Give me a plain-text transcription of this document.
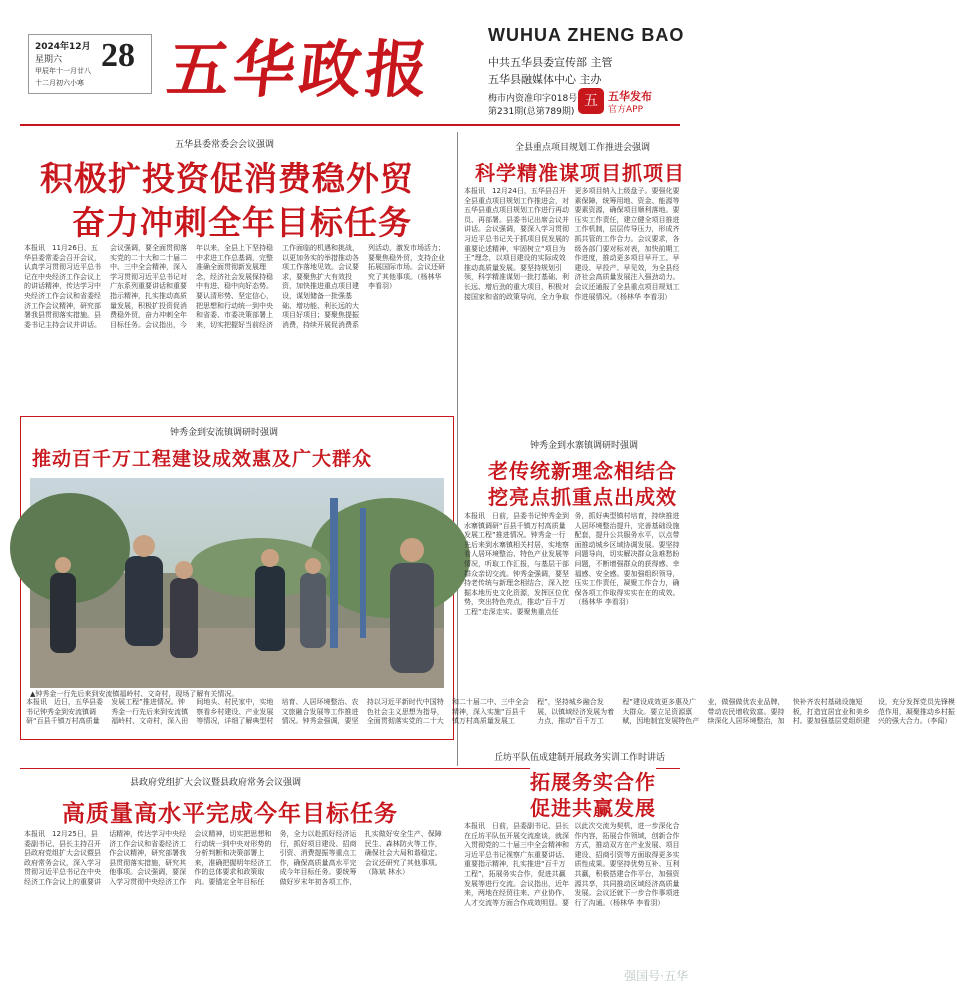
2024年12月
星期六
甲辰年十一月廿八
十二月初六小寒
28 五华政报	WUHUA ZHENG BAO
中共五华县委宣传部 主管
五华县融媒体中心 主办
梅市内资准印字018号
第231期(总第789期)
五 五华发布
官方APP
五华县委常委会会议强调
积极扩投资促消费稳外贸
奋力冲刺全年目标任务

本报讯　11月26日，五华县委常委会召开会议，认真学习贯彻习近平总书记在中央经济工作会议上的讲话精神，传达学习中央经济工作会议和省委经济工作会议精神，研究部署我县贯彻落实措施。县委书记主持会议并讲话。会议强调，要全面贯彻落实党的二十大和二十届二中、三中全会精神，深入学习贯彻习近平总书记对广东系列重要讲话和重要指示精神，扎实推动高质量发展，积极扩投资促消费稳外贸，奋力冲刺全年目标任务。会议指出，今年以来，全县上下坚持稳中求进工作总基调，完整准确全面贯彻新发展理念，经济社会发展保持稳中有进、稳中向好态势。要认清形势、坚定信心，把思想和行动统一到中央和省委、市委决策部署上来，切实把握好当前经济工作面临的机遇和挑战，以更加务实的举措推动各项工作落地见效。会议要求，要聚焦扩大有效投资，加快推进重点项目建设，谋划储备一批强基础、增功能、利长远的大项目好项目；要聚焦提振消费，持续开展促消费系列活动，激发市场活力；要聚焦稳外贸，支持企业拓展国际市场。会议还研究了其他事项。（杨林华 李看羽）

全县重点项目规划工作推进会强调
科学精准谋项目抓项目

本报讯　12月24日，五华县召开全县重点项目规划工作推进会，对五华县重点项目规划工作进行再动员、再部署。县委书记出席会议并讲话。会议强调，要深入学习贯彻习近平总书记关于抓项目促发展的重要论述精神，牢固树立“项目为王”理念，以项目建设的实际成效推动高质量发展。要坚持规划引领，科学精准谋划一批打基础、利长远、增后劲的重大项目，积极对接国家和省的政策导向，全力争取更多项目纳入上级盘子。要强化要素保障，统筹用地、资金、能源等要素资源，确保项目顺利落地。要压实工作责任，建立健全项目推进工作机制，层层传导压力，形成齐抓共管的工作合力。会议要求，各级各部门要对标对表，加快前期工作进度，推动更多项目早开工、早建设、早投产、早见效，为全县经济社会高质量发展注入强劲动力。会议还通报了全县重点项目规划工作进展情况。（杨林华 李看羽）

钟秀金到安流镇调研时强调
推动百千万工程建设成效惠及广大群众
▲钟秀金一行先后来到安流镇福岭村、文奇村，现场了解有关情况。

本报讯　近日，五华县委书记钟秀金到安流镇调研“百县千镇万村高质量发展工程”推进情况。钟秀金一行先后来到安流镇福岭村、文奇村，深入田间地头、村民家中，实地察看乡村建设、产业发展等情况，详细了解典型村培育、人居环境整治、农文旅融合发展等工作推进情况。钟秀金强调，要坚持以习近平新时代中国特色社会主义思想为指导，全面贯彻落实党的二十大和二十届二中、三中全会精神，深入实施“百县千镇万村高质量发展工程”，坚持城乡融合发展，以镇域经济发展为着力点，推动“百千万工程”建设成效更多惠及广大群众。要立足资源禀赋，因地制宜发展特色产业，做强做优农业品牌，带动农民增收致富。要持续深化人居环境整治，加快补齐农村基础设施短板，打造宜居宜业和美乡村。要加强基层党组织建设，充分发挥党员先锋模范作用，凝聚推动乡村振兴的强大合力。（李闻）

钟秀金到水寨镇调研时强调
老传统新理念相结合
挖亮点抓重点出成效

本报讯　日前，县委书记钟秀金到水寨镇调研“百县千镇万村高质量发展工程”推进情况。钟秀金一行先后来到水寨镇相关村居，实地察看人居环境整治、特色产业发展等情况，听取工作汇报，与基层干部群众亲切交流。钟秀金强调，要坚持老传统与新理念相结合，深入挖掘本地历史文化资源，发挥区位优势，突出特色亮点，推动“百千万工程”走深走实。要聚焦重点任务，抓好典型镇村培育，持续推进人居环境整治提升，完善基础设施配套，提升公共服务水平，以点带面推动城乡区域协调发展。要坚持问题导向，切实解决群众急难愁盼问题，不断增强群众的获得感、幸福感、安全感。要加强组织领导，压实工作责任，凝聚工作合力，确保各项工作取得实实在在的成效。（杨林华 李看羽）

县政府党组扩大会议暨县政府常务会议强调
高质量高水平完成今年目标任务

本报讯　12月25日，县委副书记、县长主持召开县政府党组扩大会议暨县政府常务会议，深入学习贯彻习近平总书记在中央经济工作会议上的重要讲话精神，传达学习中央经济工作会议和省委经济工作会议精神，研究部署我县贯彻落实措施，研究其他事项。会议强调，要深入学习贯彻中央经济工作会议精神，切实把思想和行动统一到中央对形势的分析判断和决策部署上来，准确把握明年经济工作的总体要求和政策取向。要锚定全年目标任务，全力以赴抓好经济运行，抓好项目建设、招商引资、消费提振等重点工作，确保高质量高水平完成今年目标任务。要统筹做好岁末年初各项工作，扎实做好安全生产、保障民生、森林防火等工作，确保社会大局和谐稳定。会议还研究了其他事项。（陈斌 林水）

丘坊平队伍成建制开展政务实训工作时讲话
拓展务实合作
促进共赢发展

本报讯　日前，县委副书记、县长在丘坊平队伍开展交流座谈，就深入贯彻党的二十届三中全会精神和习近平总书记视察广东重要讲话、重要指示精神，扎实推进“百千万工程”，拓展务实合作，促进共赢发展等进行交流。会议指出，近年来，两地在经贸往来、产业协作、人才交流等方面合作成效明显。要以此次交流为契机，进一步深化合作内容，拓展合作领域，创新合作方式，推动双方在产业发展、项目建设、招商引资等方面取得更多实质性成果。要坚持优势互补、互利共赢，积极搭建合作平台，加强资源共享，共同推动区域经济高质量发展。会议还就下一步合作事项进行了沟通。（杨林华 李看羽）

强国号·五华
